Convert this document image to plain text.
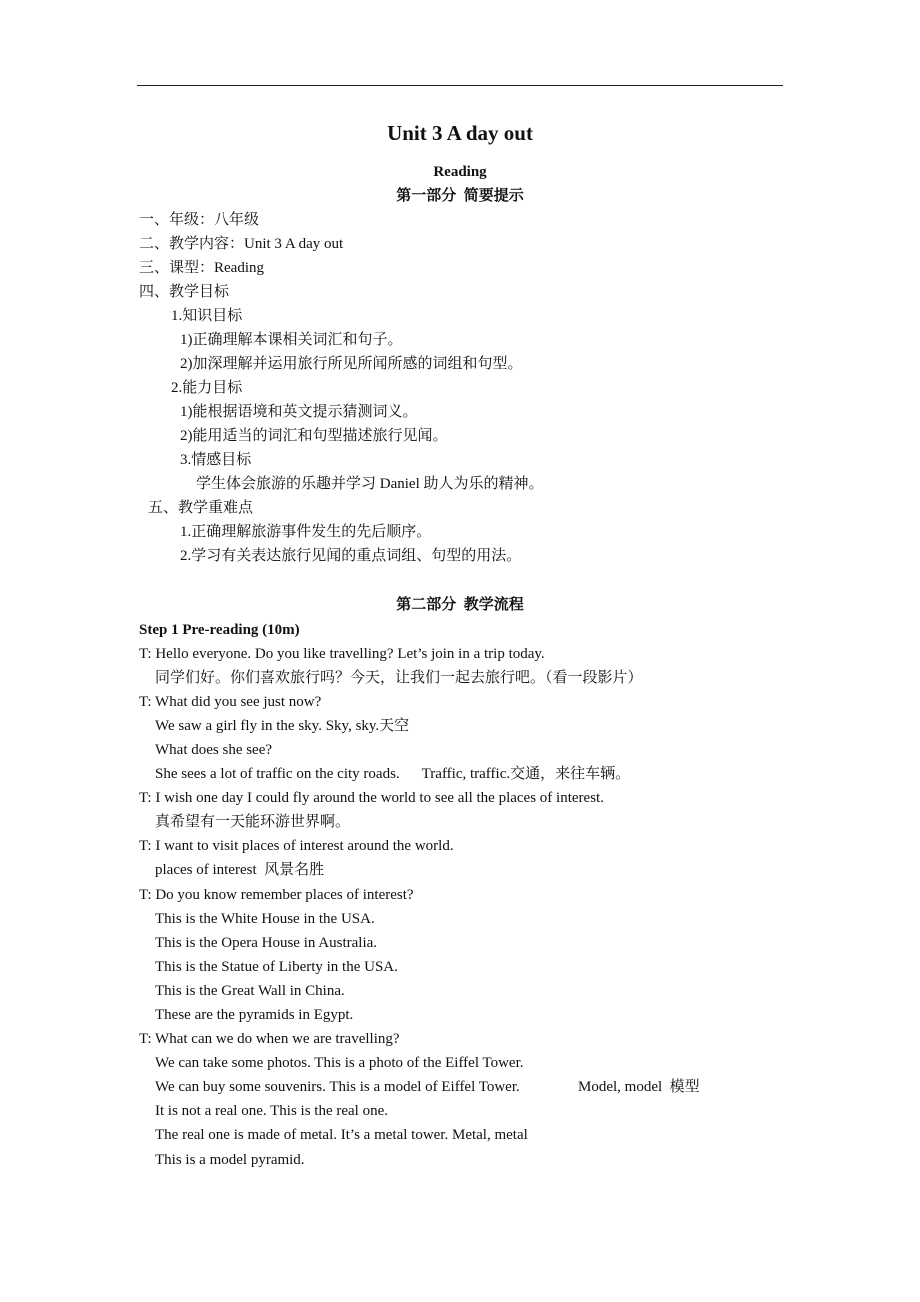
Unit 3 A day out
Reading
第一部分  简要提示
一、年级：八年级
二、教学内容：Unit 3 A day out
三、课型：Reading
四、教学目标
1.知识目标
1)正确理解本课相关词汇和句子。
2)加深理解并运用旅行所见所闻所感的词组和句型。
2.能力目标
1)能根据语境和英文提示猜测词义。
2)能用适当的词汇和句型描述旅行见闻。
3.情感目标
学生体会旅游的乐趣并学习 Daniel 助人为乐的精神。
五、教学重难点
1.正确理解旅游事件发生的先后顺序。
2.学习有关表达旅行见闻的重点词组、句型的用法。
第二部分  教学流程
Step 1 Pre-reading (10m)
T: Hello everyone. Do you like travelling? Let’s join in a trip today.
同学们好。你们喜欢旅行吗？今天，让我们一起去旅行吧。（看一段影片）
T: What did you see just now?
We saw a girl fly in the sky. Sky, sky.天空
What does she see?
She sees a lot of traffic on the city roads. Traffic, traffic.交通，来往车辆。
T: I wish one day I could fly around the world to see all the places of interest.
真希望有一天能环游世界啊。
T: I want to visit places of interest around the world.
places of interest  风景名胜
T: Do you know remember places of interest?
This is the White House in the USA.
This is the Opera House in Australia.
This is the Statue of Liberty in the USA.
This is the Great Wall in China.
These are the pyramids in Egypt.
T: What can we do when we are travelling?
We can take some photos. This is a photo of the Eiffel Tower.
We can buy some souvenirs. This is a model of Eiffel Tower.	Model, model  模型
It is not a real one. This is the real one.
The real one is made of metal. It’s a metal tower. Metal, metal
This is a model pyramid.
